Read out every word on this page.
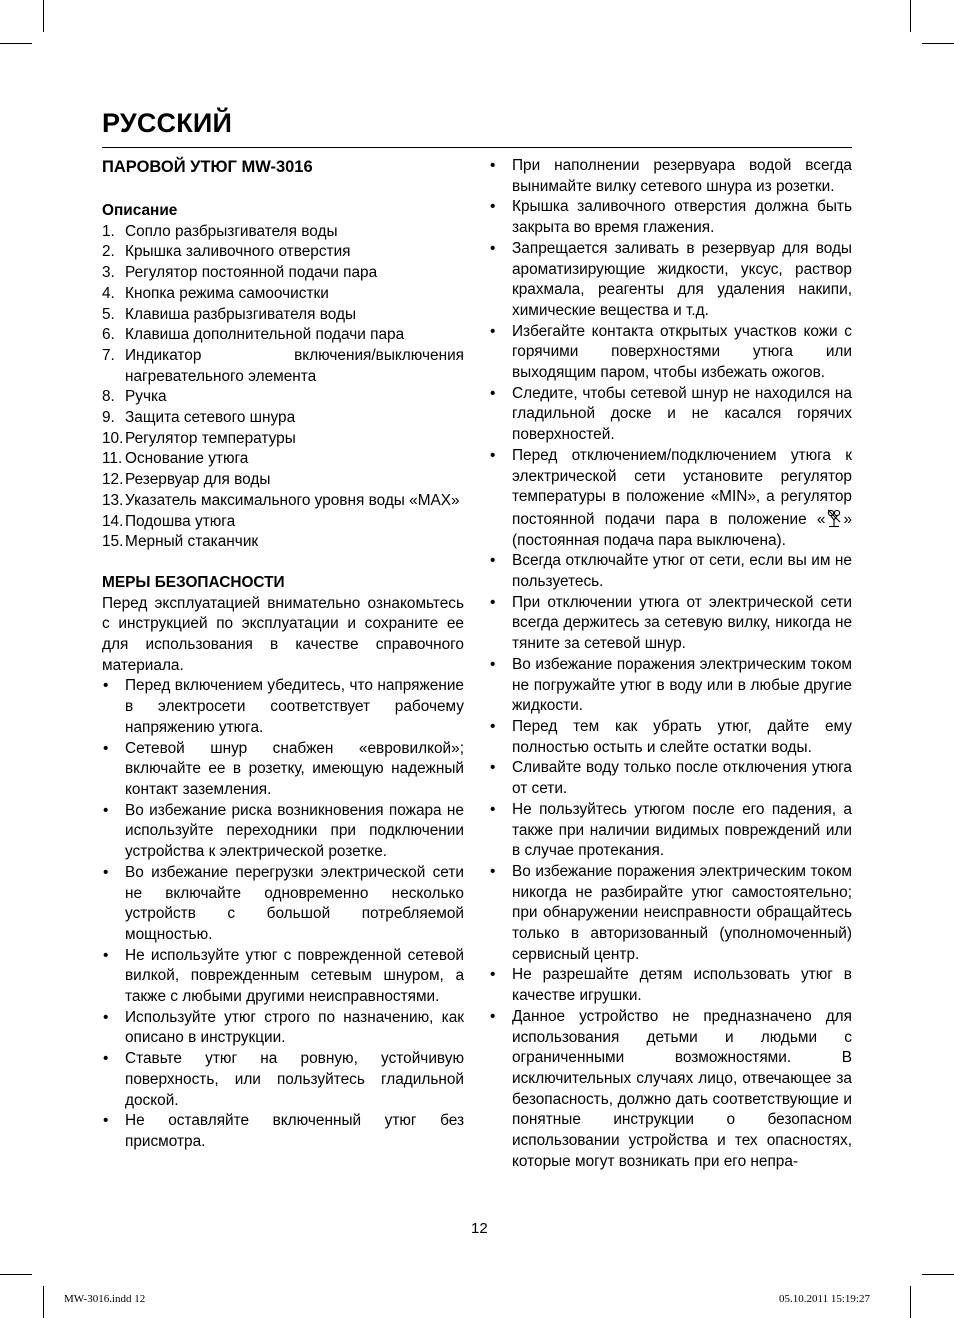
РУССКИЙ
ПАРОВОЙ УТЮГ MW-3016
Описание
1. Сопло разбрызгивателя воды
2. Крышка заливочного отверстия
3. Регулятор постоянной подачи пара
4. Кнопка режима самоочистки
5. Клавиша разбрызгивателя воды
6. Клавиша дополнительной подачи пара
7. Индикатор включения/выключения нагревательного элемента
8. Ручка
9. Защита сетевого шнура
10. Регулятор температуры
11. Основание утюга
12. Резервуар для воды
13. Указатель максимального уровня воды «MAX»
14. Подошва утюга
15. Мерный стаканчик
МЕРЫ БЕЗОПАСНОСТИ

Перед эксплуатацией внимательно ознакомьтесь с инструкцией по эксплуатации и сохраните ее для использования в качестве справочного материала.

• Перед включением убедитесь, что напряжение в электросети соответствует рабочему напряжению утюга.
• Сетевой шнур снабжен «евровилкой»; включайте ее в розетку, имеющую надежный контакт заземления.
• Во избежание риска возникновения пожара не используйте переходники при подключении устройства к электрической розетке.
• Во избежание перегрузки электрической сети не включайте одновременно несколько устройств с большой потребляемой мощностью.
• Не используйте утюг с поврежденной сетевой вилкой, поврежденным сетевым шнуром, а также с любыми другими неисправностями.
• Используйте утюг строго по назначению, как описано в инструкции.
• Ставьте утюг на ровную, устойчивую поверхность, или пользуйтесь гладильной доской.
• Не оставляйте включенный утюг без присмотра.
• При наполнении резервуара водой всегда вынимайте вилку сетевого шнура из розетки.
• Крышка заливочного отверстия должна быть закрыта во время глажения.
• Запрещается заливать в резервуар для воды ароматизирующие жидкости, уксус, раствор крахмала, реагенты для удаления накипи, химические вещества и т.д.
• Избегайте контакта открытых участков кожи с горячими поверхностями утюга или выходящим паром, чтобы избежать ожогов.
• Следите, чтобы сетевой шнур не находился на гладильной доске и не касался горячих поверхностей.
• Перед отключением/подключением утюга к электрической сети установите регулятор температуры в положение «MIN», а регулятор постоянной подачи пара в положение « » (постоянная подача пара выключена).
• Всегда отключайте утюг от сети, если вы им не пользуетесь.
• При отключении утюга от электрической сети всегда держитесь за сетевую вилку, никогда не тяните за сетевой шнур.
• Во избежание поражения электрическим током не погружайте утюг в воду или в любые другие жидкости.
• Перед тем как убрать утюг, дайте ему полностью остыть и слейте остатки воды.
• Сливайте воду только после отключения утюга от сети.
• Не пользуйтесь утюгом после его падения, а также при наличии видимых повреждений или в случае протекания.
• Во избежание поражения электрическим током никогда не разбирайте утюг самостоятельно; при обнаружении неисправности обращайтесь только в авторизованный (уполномоченный) сервисный центр.
• Не разрешайте детям использовать утюг в качестве игрушки.
• Данное устройство не предназначено для использования детьми и людьми с ограниченными возможностями. В исключительных случаях лицо, отвечающее за безопасность, должно дать соответствующие и понятные инструкции о безопасном использовании устройства и тех опасностях, которые могут возникать при его непра-
12
MW-3016.indd 12	05.10.2011 15:19:27
